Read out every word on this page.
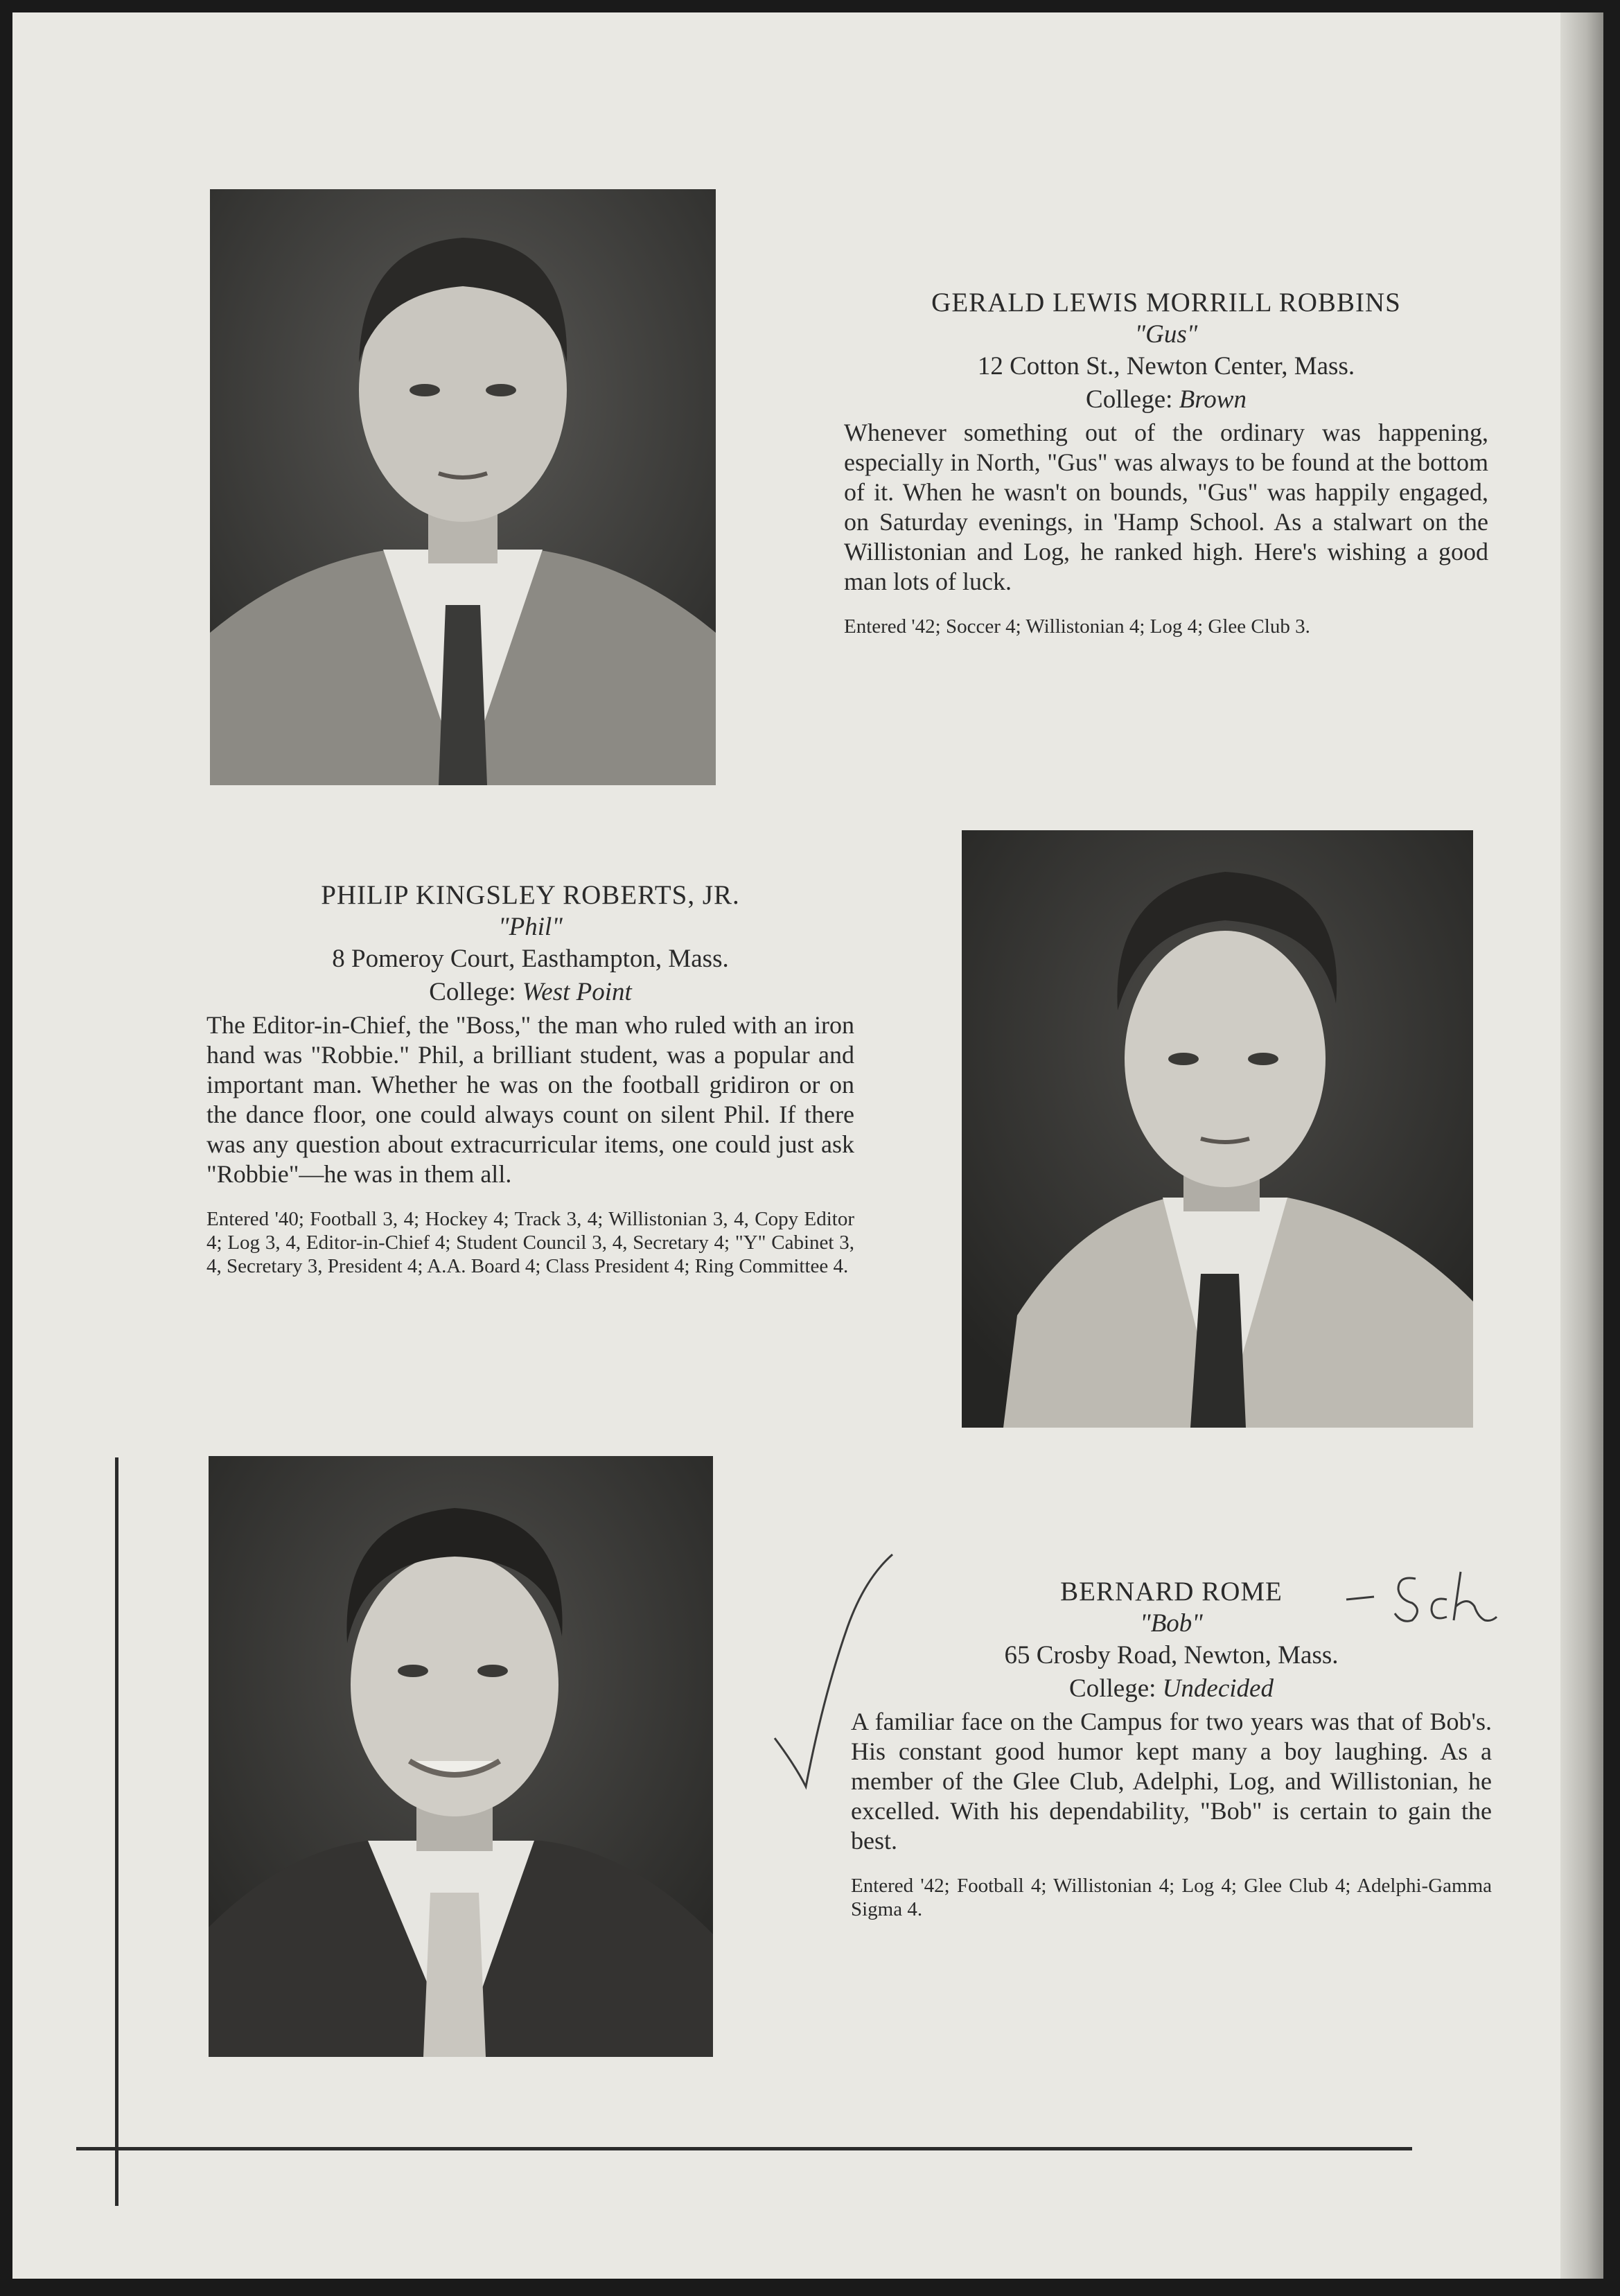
GERALD LEWIS MORRILL ROBBINS
"Gus"
12 Cotton St., Newton Center, Mass.
College: Brown
Whenever something out of the ordinary was happening, especially in North, "Gus" was always to be found at the bottom of it. When he wasn't on bounds, "Gus" was happily engaged, on Saturday evenings, in 'Hamp School. As a stalwart on the Willistonian and Log, he ranked high. Here's wishing a good man lots of luck.
Entered '42; Soccer 4; Willistonian 4; Log 4; Glee Club 3.
PHILIP KINGSLEY ROBERTS, JR.
"Phil"
8 Pomeroy Court, Easthampton, Mass.
College: West Point
The Editor-in-Chief, the "Boss," the man who ruled with an iron hand was "Robbie." Phil, a brilliant student, was a popular and important man. Whether he was on the football gridiron or on the dance floor, one could always count on silent Phil. If there was any question about extracurricular items, one could just ask "Robbie"—he was in them all.
Entered '40; Football 3, 4; Hockey 4; Track 3, 4; Willistonian 3, 4, Copy Editor 4; Log 3, 4, Editor-in-Chief 4; Student Council 3, 4, Secretary 4; "Y" Cabinet 3, 4, Secretary 3, President 4; A.A. Board 4; Class President 4; Ring Committee 4.
BERNARD ROME
"Bob"
65 Crosby Road, Newton, Mass.
College: Undecided
A familiar face on the Campus for two years was that of Bob's. His constant good humor kept many a boy laughing. As a member of the Glee Club, Adelphi, Log, and Willistonian, he excelled. With his dependability, "Bob" is certain to gain the best.
Entered '42; Football 4; Willistonian 4; Log 4; Glee Club 4; Adelphi-Gamma Sigma 4.
